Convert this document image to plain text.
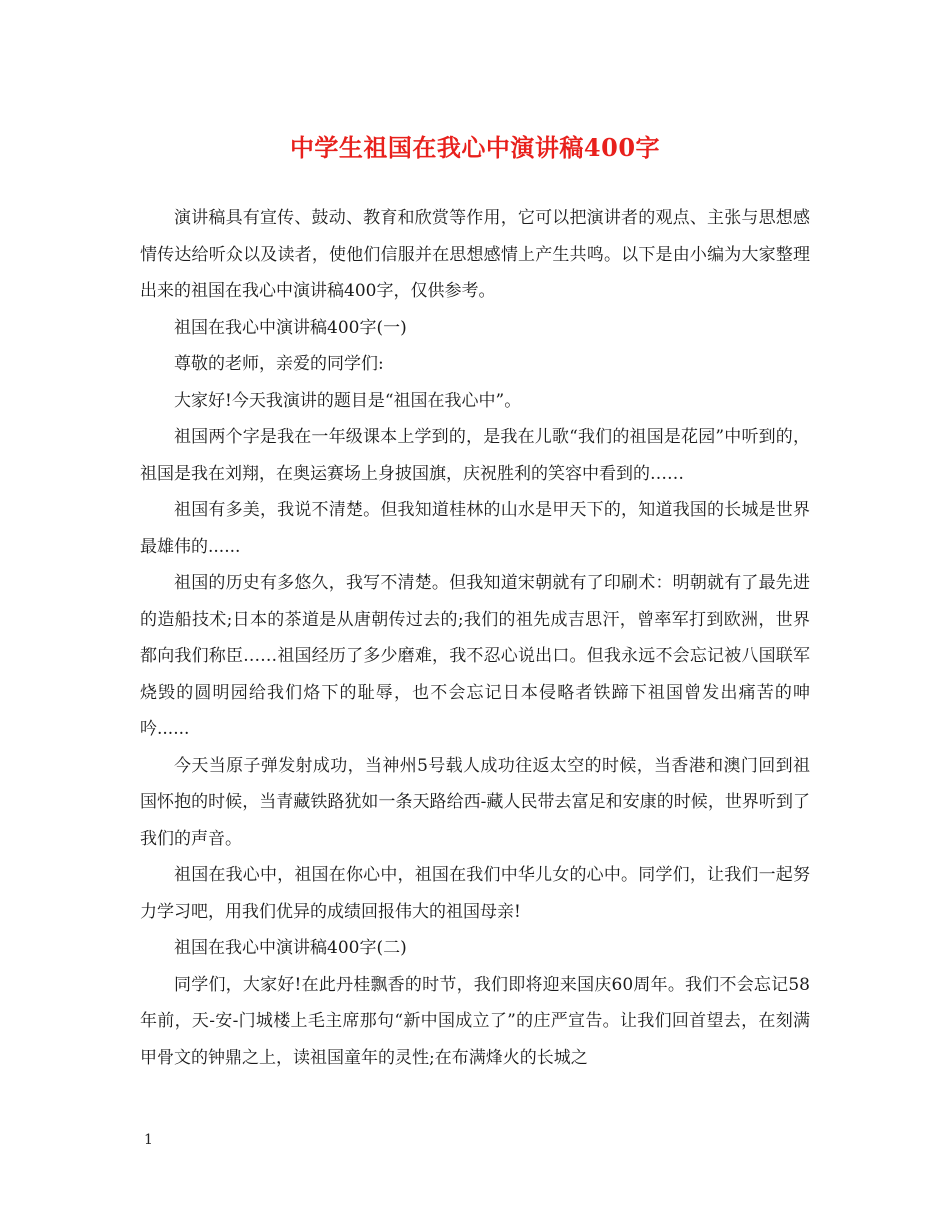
中学生祖国在我心中演讲稿400字

演讲稿具有宣传、鼓动、教育和欣赏等作用，它可以把演讲者的观点、主张与思想感情传达给听众以及读者，使他们信服并在思想感情上产生共鸣。以下是由小编为大家整理出来的祖国在我心中演讲稿400字，仅供参考。

祖国在我心中演讲稿400字(一)

尊敬的老师，亲爱的同学们:

大家好!今天我演讲的题目是“祖国在我心中”。

祖国两个字是我在一年级课本上学到的，是我在儿歌“我们的祖国是花园”中听到的，祖国是我在刘翔，在奥运赛场上身披国旗，庆祝胜利的笑容中看到的……

祖国有多美，我说不清楚。但我知道桂林的山水是甲天下的，知道我国的长城是世界最雄伟的......

祖国的历史有多悠久，我写不清楚。但我知道宋朝就有了印刷术：明朝就有了最先进的造船技术;日本的茶道是从唐朝传过去的;我们的祖先成吉思汗，曾率军打到欧洲，世界都向我们称臣……祖国经历了多少磨难，我不忍心说出口。但我永远不会忘记被八国联军烧毁的圆明园给我们烙下的耻辱，也不会忘记日本侵略者铁蹄下祖国曾发出痛苦的呻吟......

今天当原子弹发射成功，当神州5号载人成功往返太空的时候，当香港和澳门回到祖国怀抱的时候，当青藏铁路犹如一条天路给西-藏人民带去富足和安康的时候，世界听到了我们的声音。

祖国在我心中，祖国在你心中，祖国在我们中华儿女的心中。同学们，让我们一起努力学习吧，用我们优异的成绩回报伟大的祖国母亲!

祖国在我心中演讲稿400字(二)

同学们，大家好!在此丹桂飘香的时节，我们即将迎来国庆60周年。我们不会忘记58年前，天-安-门城楼上毛主席那句“新中国成立了”的庄严宣告。让我们回首望去，在刻满甲骨文的钟鼎之上，读祖国童年的灵性;在布满烽火的长城之

1
